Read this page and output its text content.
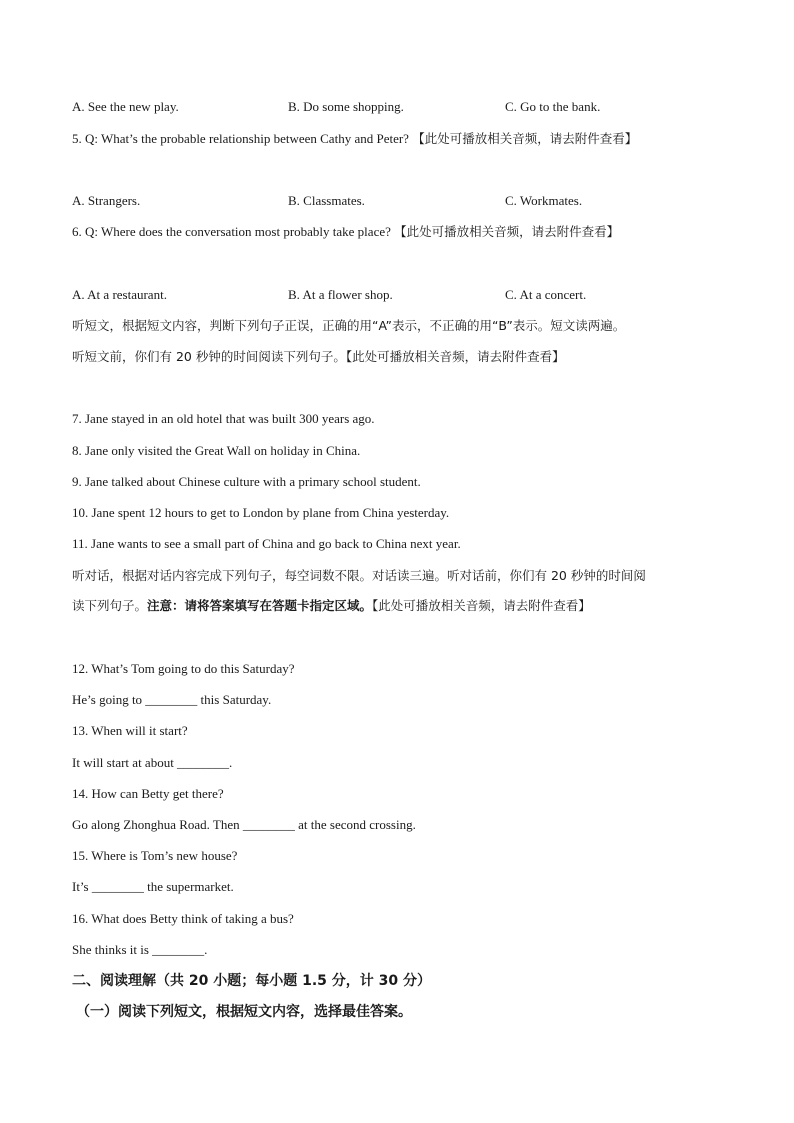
A. See the new play.	B. Do some shopping.	C. Go to the bank.
5. Q: What’s the probable relationship between Cathy and Peter? 【此处可播放相关音频，请去附件查看】
A. Strangers.	B. Classmates.	C. Workmates.
6. Q: Where does the conversation most probably take place? 【此处可播放相关音频，请去附件查看】
A. At a restaurant.	B. At a flower shop.	C. At a concert.
听短文，根据短文内容，判断下列句子正误，正确的用“A”表示，不正确的用“B”表示。短文读两遍。
听短文前，你们有 20 秒钟的时间阅读下列句子。【此处可播放相关音频，请去附件查看】
7. Jane stayed in an old hotel that was built 300 years ago.
8. Jane only visited the Great Wall on holiday in China.
9. Jane talked about Chinese culture with a primary school student.
10. Jane spent 12 hours to get to London by plane from China yesterday.
11. Jane wants to see a small part of China and go back to China next year.
听对话，根据对话内容完成下列句子，每空词数不限。对话读三遍。听对话前，你们有 20 秒钟的时间阅
读下列句子。注意：请将答案填写在答题卡指定区域。【此处可播放相关音频，请去附件查看】
12. What’s Tom going to do this Saturday?
He’s going to ________ this Saturday.
13. When will it start?
It will start at about ________.
14. How can Betty get there?
Go along Zhonghua Road. Then ________ at the second crossing.
15. Where is Tom’s new house?
It’s ________ the supermarket.
16. What does Betty think of taking a bus?
She thinks it is ________.
二、阅读理解（共 20 小题；每小题 1.5 分，计 30 分）
（一）阅读下列短文，根据短文内容，选择最佳答案。
